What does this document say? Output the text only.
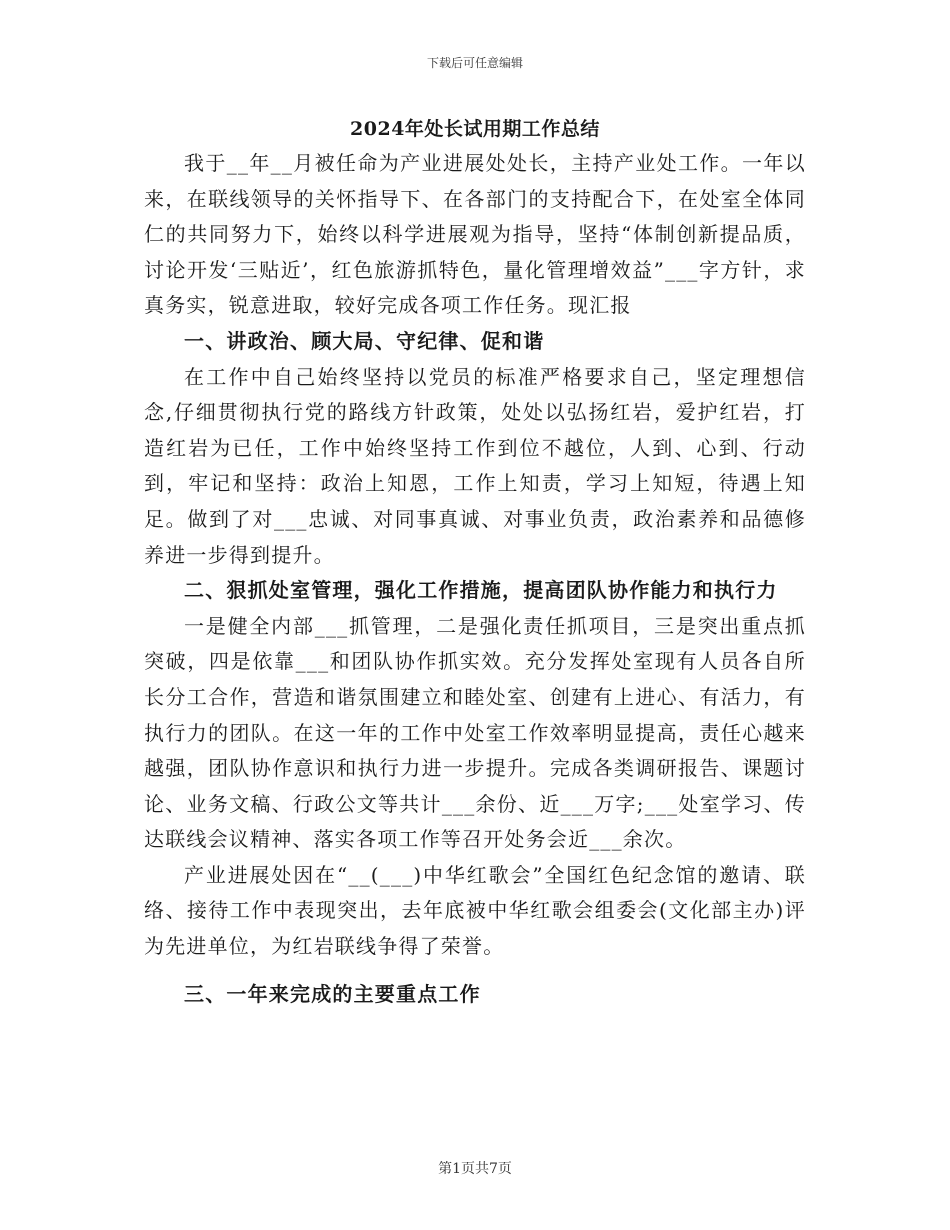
下载后可任意编辑
2024年处长试用期工作总结

我于__年__月被任命为产业进展处处长，主持产业处工作。一年以来，在联线领导的关怀指导下、在各部门的支持配合下，在处室全体同仁的共同努力下，始终以科学进展观为指导，坚持“体制创新提品质，讨论开发‘三贴近’，红色旅游抓特色，量化管理增效益”___字方针，求真务实，锐意进取，较好完成各项工作任务。现汇报

一、讲政治、顾大局、守纪律、促和谐

在工作中自己始终坚持以党员的标准严格要求自己，坚定理想信念,仔细贯彻执行党的路线方针政策，处处以弘扬红岩，爱护红岩，打造红岩为已任，工作中始终坚持工作到位不越位，人到、心到、行动到，牢记和坚持：政治上知恩，工作上知责，学习上知短，待遇上知足。做到了对___忠诚、对同事真诚、对事业负责，政治素养和品德修养进一步得到提升。

二、狠抓处室管理，强化工作措施，提高团队协作能力和执行力

一是健全内部___抓管理，二是强化责任抓项目，三是突出重点抓突破，四是依靠___和团队协作抓实效。充分发挥处室现有人员各自所长分工合作，营造和谐氛围建立和睦处室、创建有上进心、有活力，有执行力的团队。在这一年的工作中处室工作效率明显提高，责任心越来越强，团队协作意识和执行力进一步提升。完成各类调研报告、课题讨论、业务文稿、行政公文等共计___余份、近___万字;___处室学习、传达联线会议精神、落实各项工作等召开处务会近___余次。

产业进展处因在“__(___)中华红歌会”全国红色纪念馆的邀请、联络、接待工作中表现突出，去年底被中华红歌会组委会(文化部主办)评为先进单位，为红岩联线争得了荣誉。

三、一年来完成的主要重点工作
第1页共7页
